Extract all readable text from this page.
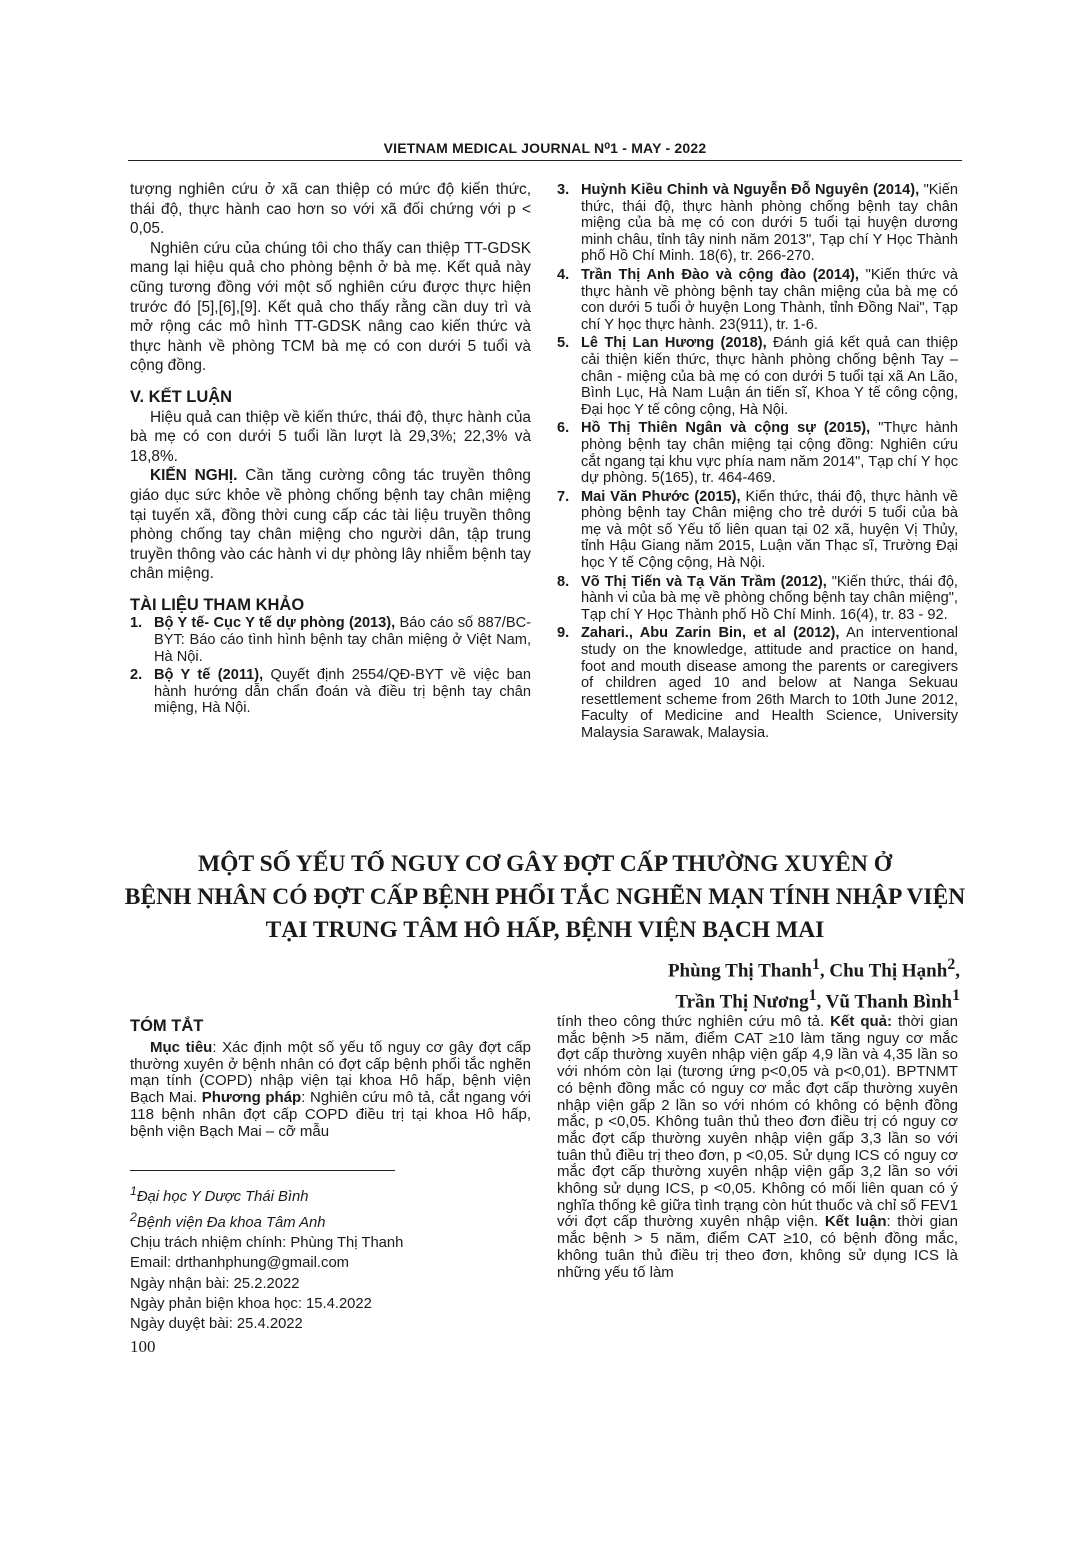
VIETNAM MEDICAL JOURNAL N⁰1 - MAY - 2022

tượng nghiên cứu ở xã can thiệp có mức độ kiến thức, thái độ, thực hành cao hơn so với xã đối chứng với p < 0,05.

Nghiên cứu của chúng tôi cho thấy can thiệp TT-GDSK mang lại hiệu quả cho phòng bệnh ở bà mẹ. Kết quả này cũng tương đồng với một số nghiên cứu được thực hiện trước đó [5],[6],[9]. Kết quả cho thấy rằng cần duy trì và mở rộng các mô hình TT-GDSK nâng cao kiến thức và thực hành về phòng TCM bà mẹ có con dưới 5 tuổi và cộng đồng.

V. KẾT LUẬN

Hiệu quả can thiệp về kiến thức, thái độ, thực hành của bà mẹ có con dưới 5 tuổi lần lượt là 29,3%; 22,3% và 18,8%.

KIẾN NGHỊ. Cần tăng cường công tác truyền thông giáo dục sức khỏe về phòng chống bệnh tay chân miệng tại tuyến xã, đồng thời cung cấp các tài liệu truyền thông phòng chống tay chân miệng cho người dân, tập trung truyền thông vào các hành vi dự phòng lây nhiễm bệnh tay chân miệng.

TÀI LIỆU THAM KHẢO

1. Bộ Y tế- Cục Y tế dự phòng (2013), Báo cáo số 887/BC-BYT: Báo cáo tình hình bệnh tay chân miệng ở Việt Nam, Hà Nội.
2. Bộ Y tế (2011), Quyết định 2554/QĐ-BYT về việc ban hành hướng dẫn chẩn đoán và điều trị bệnh tay chân miệng, Hà Nội.
3. Huỳnh Kiều Chinh và Nguyễn Đỗ Nguyên (2014), "Kiến thức, thái độ, thực hành phòng chống bệnh tay chân miệng của bà mẹ có con dưới 5 tuổi tại huyện dương minh châu, tỉnh tây ninh năm 2013", Tạp chí Y Học Thành phố Hồ Chí Minh. 18(6), tr. 266-270.
4. Trần Thị Anh Đào và cộng đào (2014), "Kiến thức và thực hành về phòng bệnh tay chân miệng của bà mẹ có con dưới 5 tuổi ở huyện Long Thành, tỉnh Đồng Nai", Tạp chí Y học thực hành. 23(911), tr. 1-6.
5. Lê Thị Lan Hương (2018), Đánh giá kết quả can thiệp cải thiện kiến thức, thực hành phòng chống bệnh Tay – chân - miệng của bà mẹ có con dưới 5 tuổi tại xã An Lão, Bình Lục, Hà Nam Luận án tiến sĩ, Khoa Y tế công cộng, Đại học Y tế công cộng, Hà Nội.
6. Hồ Thị Thiên Ngân và cộng sự (2015), "Thực hành phòng bệnh tay chân miệng tại cộng đồng: Nghiên cứu cắt ngang tại khu vực phía nam năm 2014", Tạp chí Y học dự phòng. 5(165), tr. 464-469.
7. Mai Văn Phước (2015), Kiến thức, thái độ, thực hành về phòng bệnh tay Chân miệng cho trẻ dưới 5 tuổi của bà mẹ và một số Yếu tố liên quan tại 02 xã, huyện Vị Thủy, tỉnh Hậu Giang năm 2015, Luận văn Thạc sĩ, Trường Đại học Y tế Cộng cộng, Hà Nội.
8. Võ Thị Tiến và Tạ Văn Trầm (2012), "Kiến thức, thái độ, hành vi của bà mẹ về phòng chống bệnh tay chân miệng", Tạp chí Y Học Thành phố Hồ Chí Minh. 16(4), tr. 83 - 92.
9. Zahari., Abu Zarin Bin, et al (2012), An interventional study on the knowledge, attitude and practice on hand, foot and mouth disease among the parents or caregivers of children aged 10 and below at Nanga Sekuau resettlement scheme from 26th March to 10th June 2012, Faculty of Medicine and Health Science, University Malaysia Sarawak, Malaysia.
MỘT SỐ YẾU TỐ NGUY CƠ GÂY ĐỢT CẤP THƯỜNG XUYÊN Ở
BỆNH NHÂN CÓ ĐỢT CẤP BỆNH PHỔI TẮC NGHẼN MẠN TÍNH NHẬP VIỆN
TẠI TRUNG TÂM HÔ HẤP, BỆNH VIỆN BẠCH MAI
Phùng Thị Thanh$^1$, Chu Thị Hạnh$^2$,
Trần Thị Nương$^1$, Vũ Thanh Bình$^1$
TÓM TẮT

Mục tiêu: Xác định một số yếu tố nguy cơ gây đợt cấp thường xuyên ở bệnh nhân có đợt cấp bệnh phổi tắc nghẽn mạn tính (COPD) nhập viện tại khoa Hô hấp, bệnh viện Bạch Mai. Phương pháp: Nghiên cứu mô tả, cắt ngang với 118 bệnh nhân đợt cấp COPD điều trị tại khoa Hô hấp, bệnh viện Bạch Mai – cỡ mẫu

$^1$Đại học Y Dược Thái Bình
$^2$Bệnh viện Đa khoa Tâm Anh
Chịu trách nhiệm chính: Phùng Thị Thanh
Email: drthanhphung@gmail.com
Ngày nhận bài: 25.2.2022
Ngày phản biện khoa học: 15.4.2022
Ngày duyệt bài: 25.4.2022

tính theo công thức nghiên cứu mô tả. Kết quả: thời gian mắc bệnh >5 năm, điểm CAT ≥10 làm tăng nguy cơ mắc đợt cấp thường xuyên nhập viện gấp 4,9 lần và 4,35 lần so với nhóm còn lại (tương ứng p<0,05 và p<0,01). BPTNMT có bệnh đồng mắc có nguy cơ mắc đợt cấp thường xuyên nhập viện gấp 2 lần so với nhóm có không có bệnh đồng mắc, p <0,05. Không tuân thủ theo đơn điều trị có nguy cơ mắc đợt cấp thường xuyên nhập viện gấp 3,3 lần so với tuân thủ điều trị theo đơn, p <0,05. Sử dụng ICS có nguy cơ mắc đợt cấp thường xuyên nhập viện gấp 3,2 lần so với không sử dụng ICS, p <0,05. Không có mối liên quan có ý nghĩa thống kê giữa tình trạng còn hút thuốc và chỉ số FEV1 với đợt cấp thường xuyên nhập viện. Kết luận: thời gian mắc bệnh > 5 năm, điểm CAT ≥10, có bệnh đồng mắc, không tuân thủ điều trị theo đơn, không sử dụng ICS là những yếu tố làm

100
